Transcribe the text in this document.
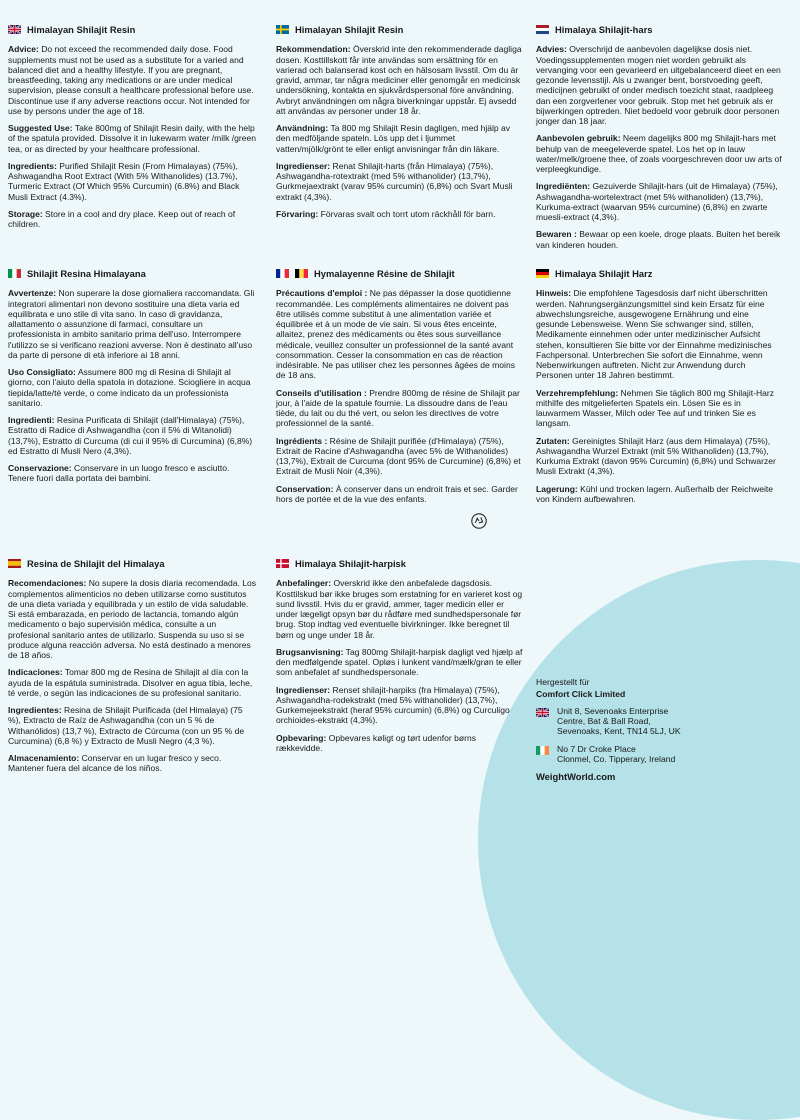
Himalayan Shilajit Resin

Advice: Do not exceed the recommended daily dose. Food supplements must not be used as a substitute for a varied and balanced diet and a healthy lifestyle. If you are pregnant, breastfeeding, taking any medications or are under medical supervision, please consult a healthcare professional before use. Discontinue use if any adverse reactions occur. Not intended for use by persons under the age of 18.

Suggested Use: Take 800mg of Shilajit Resin daily, with the help of the spatula provided. Dissolve it in lukewarm water /milk /green tea, or as directed by your healthcare professional.

Ingredients: Purified Shilajit Resin (From Himalayas) (75%), Ashwagandha Root Extract (With 5% Withanolides) (13.7%), Turmeric Extract (Of Which 95% Curcumin) (6.8%) and Black Musli Extract (4.3%).

Storage: Store in a cool and dry place. Keep out of reach of children.

Himalayan Shilajit Resin

Rekommendation: Överskrid inte den rekommenderade dagliga dosen. Kosttillskott får inte användas som ersättning för en varierad och balanserad kost och en hälsosam livsstil. Om du är gravid, ammar, tar några mediciner eller genomgår en medicinsk undersökning, kontakta en sjukvårdspersonal före användning. Avbryt användningen om några biverkningar uppstår. Ej avsedd att användas av personer under 18 år.

Användning: Ta 800 mg Shilajit Resin dagligen, med hjälp av den medföljande spateln. Lös upp det i ljummet vatten/mjölk/grönt te eller enligt anvisningar från din läkare.

Ingredienser: Renat Shilajit-harts (från Himalaya) (75%), Ashwagandha-rotextrakt (med 5% withanolider) (13,7%), Gurkmejaextrakt (varav 95% curcumin) (6,8%) och Svart Musli extrakt (4,3%).

Förvaring: Förvaras svalt och torrt utom räckhåll för barn.

Himalaya Shilajit-hars

Advies: Overschrijd de aanbevolen dagelijkse dosis niet. Voedingssupplementen mogen niet worden gebruikt als vervanging voor een gevarieerd en uitgebalanceerd dieet en een gezonde levensstijl. Als u zwanger bent, borstvoeding geeft, medicijnen gebruikt of onder medisch toezicht staat, raadpleeg dan een zorgverlener voor gebruik. Stop met het gebruik als er bijwerkingen optreden. Niet bedoeld voor gebruik door personen jonger dan 18 jaar.

Aanbevolen gebruik: Neem dagelijks 800 mg Shilajit-hars met behulp van de meegeleverde spatel. Los het op in lauw water/melk/groene thee, of zoals voorgeschreven door uw arts of verpleegkundige.

Ingrediënten: Gezuiverde Shilajit-hars (uit de Himalaya) (75%), Ashwagandha-wortelextract (met 5% withanoliden) (13,7%), Kurkuma-extract (waarvan 95% curcumine) (6,8%) en zwarte muesli-extract (4,3%).

Bewaren : Bewaar op een koele, droge plaats. Buiten het bereik van kinderen houden.

Shilajit Resina Himalayana

Avvertenze: Non superare la dose giornaliera raccomandata. Gli integratori alimentari non devono sostituire una dieta varia ed equilibrata e uno stile di vita sano. In caso di gravidanza, allattamento o assunzione di farmaci, consultare un professionista in ambito sanitario prima dell'uso. Interrompere l'utilizzo se si verificano reazioni avverse. Non è destinato all'uso da parte di persone di età inferiore ai 18 anni.

Uso Consigliato: Assumere 800 mg di Resina di Shilajit al giorno, con l'aiuto della spatola in dotazione. Sciogliere in acqua tiepida/latte/tè verde, o come indicato da un professionista sanitario.

Ingredienti: Resina Purificata di Shilajit (dall'Himalaya) (75%), Estratto di Radice di Ashwagandha (con il 5% di Witanolidi) (13,7%), Estratto di Curcuma (di cui il 95% di Curcumina) (6,8%) ed Estratto di Musli Nero (4,3%).

Conservazione: Conservare in un luogo fresco e asciutto. Tenere fuori dalla portata dei bambini.

Hymalayenne Résine de Shilajit

Précautions d'emploi : Ne pas dépasser la dose quotidienne recommandée. Les compléments alimentaires ne doivent pas être utilisés comme substitut à une alimentation variée et équilibrée et à un mode de vie sain. Si vous êtes enceinte, allaitez, prenez des médicaments ou êtes sous surveillance médicale, veuillez consulter un professionnel de la santé avant consommation. Cesser la consommation en cas de réaction indésirable. Ne pas utiliser chez les personnes âgées de moins de 18 ans.

Conseils d'utilisation : Prendre 800mg de résine de Shilajit par jour, à l'aide de la spatule fournie. La dissoudre dans de l'eau tiède, du lait ou du thé vert, ou selon les directives de votre professionnel de la santé.

Ingrédients : Résine de Shilajit purifiée (d'Himalaya) (75%), Extrait de Racine d'Ashwagandha (avec 5% de Withanolides) (13,7%), Extrait de Curcuma (dont 95% de Curcumine) (6,8%) et Extrait de Musli Noir (4,3%).

Conservation: À conserver dans un endroit frais et sec. Garder hors de portée et de la vue des enfants.

Himalaya Shilajit Harz

Hinweis: Die empfohlene Tagesdosis darf nicht überschritten werden. Nahrungsergänzungsmittel sind kein Ersatz für eine abwechslungsreiche, ausgewogene Ernährung und eine gesunde Lebensweise. Wenn Sie schwanger sind, stillen, Medikamente einnehmen oder unter medizinischer Aufsicht stehen, konsultieren Sie bitte vor der Einnahme medizinisches Fachpersonal. Unterbrechen Sie sofort die Einnahme, wenn Nebenwirkungen auftreten. Nicht zur Anwendung durch Personen unter 18 Jahren bestimmt.

Verzehrempfehlung: Nehmen Sie täglich 800 mg Shilajit-Harz mithilfe des mitgelieferten Spatels ein. Lösen Sie es in lauwarmem Wasser, Milch oder Tee auf und trinken Sie es langsam.

Zutaten: Gereinigtes Shilajit Harz (aus dem Himalaya) (75%), Ashwagandha Wurzel Extrakt (mit 5% Withanoliden) (13,7%), Kurkuma Extrakt (davon 95% Curcumin) (6,8%) und Schwarzer Musli Extrakt (4,3%).

Lagerung: Kühl und trocken lagern. Außerhalb der Reichweite von Kindern aufbewahren.

Resina de Shilajit del Himalaya

Recomendaciones: No supere la dosis diaria recomendada. Los complementos alimenticios no deben utilizarse como sustitutos de una dieta variada y equilibrada y un estilo de vida saludable. Si está embarazada, en periodo de lactancia, tomando algún medicamento o bajo supervisión médica, consulte a un profesional sanitario antes de utilizarlo. Suspenda su uso si se produce alguna reacción adversa. No está destinado a menores de 18 años.

Indicaciones: Tomar 800 mg de Resina de Shilajit al día con la ayuda de la espátula suministrada. Disolver en agua tibia, leche, té verde, o según las indicaciones de su profesional sanitario.

Ingredientes: Resina de Shilajit Purificada (del Himalaya) (75 %), Extracto de Raíz de Ashwagandha (con un 5 % de Withanólidos) (13,7 %), Extracto de Cúrcuma (con un 95 % de Curcumina) (6,8 %) y Extracto de Musli Negro (4,3 %).

Almacenamiento: Conservar en un lugar fresco y seco. Mantener fuera del alcance de los niños.

Himalaya Shilajit-harpisk

Anbefalinger: Overskrid ikke den anbefalede dagsdosis. Kosttilskud bør ikke bruges som erstatning for en varieret kost og sund livsstil. Hvis du er gravid, ammer, tager medicin eller er under lægeligt opsyn bør du rådføre med sundhedspersonale før brug. Stop indtag ved eventuelle bivirkninger. Ikke beregnet til børn og unge under 18 år.

Brugsanvisning: Tag 800mg Shilajit-harpisk dagligt ved hjælp af den medfølgende spatel. Opløs i lunkent vand/mælk/grøn te eller som anbefalet af sundhedspersonale.

Ingredienser: Renset shilajit-harpiks (fra Himalaya) (75%), Ashwagandha-rodekstrakt (med 5% withanolider) (13,7%), Gurkemejeekstrakt (heraf 95% curcumin) (6,8%) og Curculigo orchioides-ekstrakt (4,3%).

Opbevaring: Opbevares køligt og tørt udenfor børns rækkevidde.

Hergestellt für
Comfort Click Limited
Unit 8, Sevenoaks Enterprise
Centre, Bat & Ball Road,
Sevenoaks, Kent, TN14 5LJ, UK
No 7 Dr Croke Place
Clonmel, Co. Tipperary, Ireland
WeightWorld.com
